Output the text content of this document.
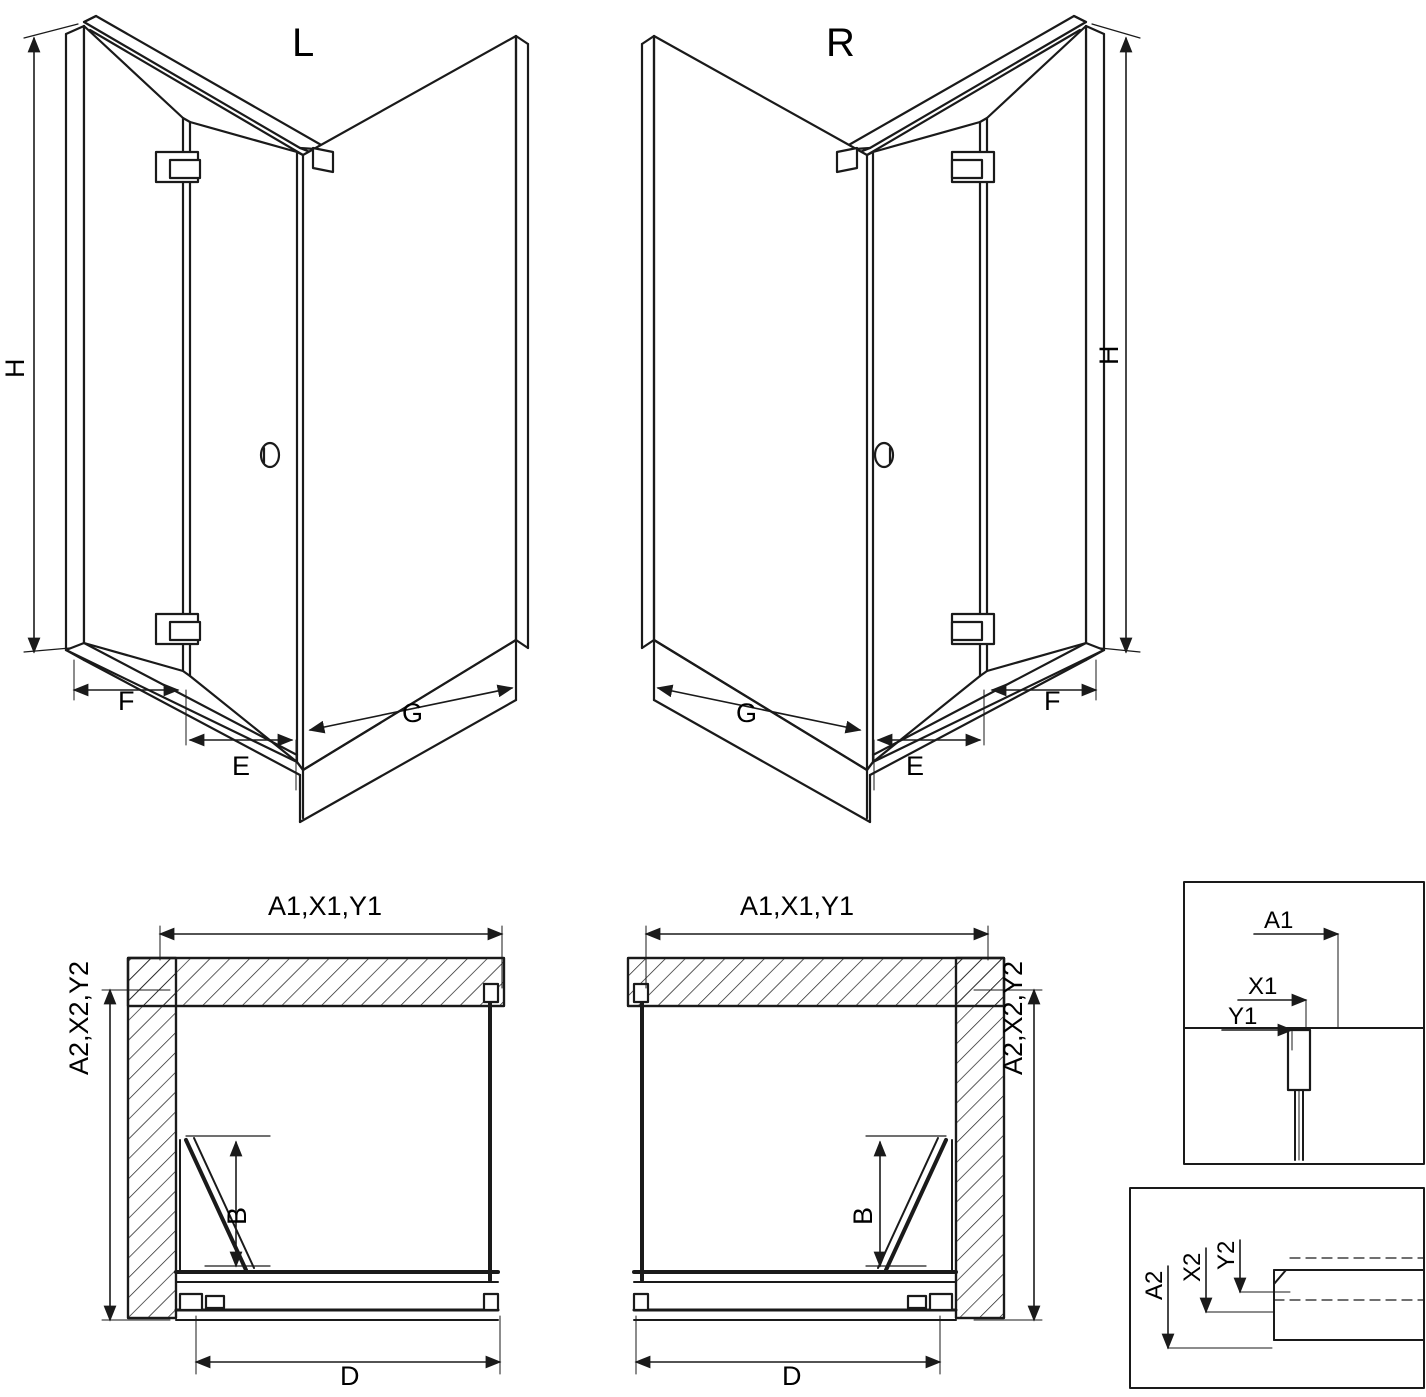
L	R
H
H
F
E
G	F
E
G
A1,X1,Y1	A1,X1,Y1
A2,X2,Y2	A2,X2,Y2
B	B
D	D
A1
X1
Y1
A2
X2 Y2
